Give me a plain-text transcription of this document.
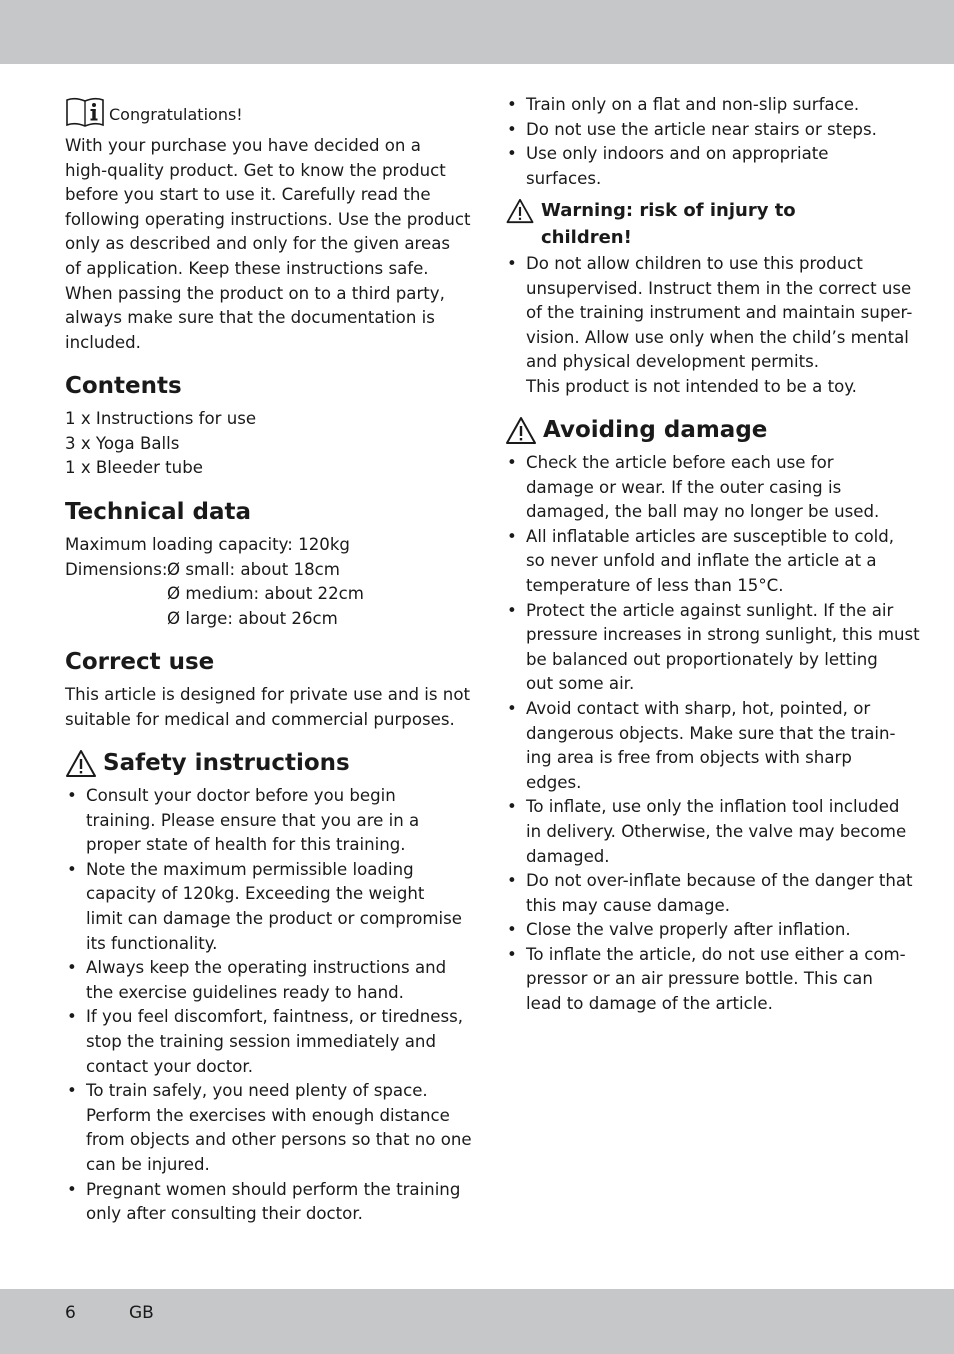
Congratulations!

With your purchase you have decided on a

high-quality product. Get to know the product

before you start to use it. Carefully read the

following operating instructions. Use the product

only as described and only for the given areas

of application. Keep these instructions safe.

When passing the product on to a third party,

always make sure that the documentation is

included.

Contents

1 x Instructions for use

3 x Yoga Balls

1 x Bleeder tube

Technical data

Maximum loading capacity: 120kg

Dimensions: Ø small: about 18cm
Ø medium: about 22cm
Ø large: about 26cm
Correct use

This article is designed for private use and is not

suitable for medical and commercial purposes.

Safety instructions
• Consult your doctor before you begin
training. Please ensure that you are in a
proper state of health for this training.
• Note the maximum permissible loading
capacity of 120kg. Exceeding the weight
limit can damage the product or compromise
its functionality.
• Always keep the operating instructions and
the exercise guidelines ready to hand.
• If you feel discomfort, faintness, or tiredness,
stop the training session immediately and
contact your doctor.
• To train safely, you need plenty of space.
Perform the exercises with enough distance
from objects and other persons so that no one
can be injured.
• Pregnant women should perform the training
only after consulting their doctor.
• Train only on a flat and non-slip surface.
• Do not use the article near stairs or steps.
• Use only indoors and on appropriate
surfaces.
Warning: risk of injury to
children!
• Do not allow children to use this product
unsupervised. Instruct them in the correct use
of the training instrument and maintain super-
vision. Allow use only when the child’s mental
and physical development permits.
This product is not intended to be a toy.
Avoiding damage
• Check the article before each use for
damage or wear. If the outer casing is
damaged, the ball may no longer be used.
• All inflatable articles are susceptible to cold,
so never unfold and inflate the article at a
temperature of less than 15°C.
• Protect the article against sunlight. If the air
pressure increases in strong sunlight, this must
be balanced out proportionately by letting
out some air.
• Avoid contact with sharp, hot, pointed, or
dangerous objects. Make sure that the train-
ing area is free from objects with sharp
edges.
• To inflate, use only the inflation tool included
in delivery. Otherwise, the valve may become
damaged.
• Do not over-inflate because of the danger that
this may cause damage.
• Close the valve properly after inflation.
• To inflate the article, do not use either a com-
pressor or an air pressure bottle. This can
lead to damage of the article.
6	GB
